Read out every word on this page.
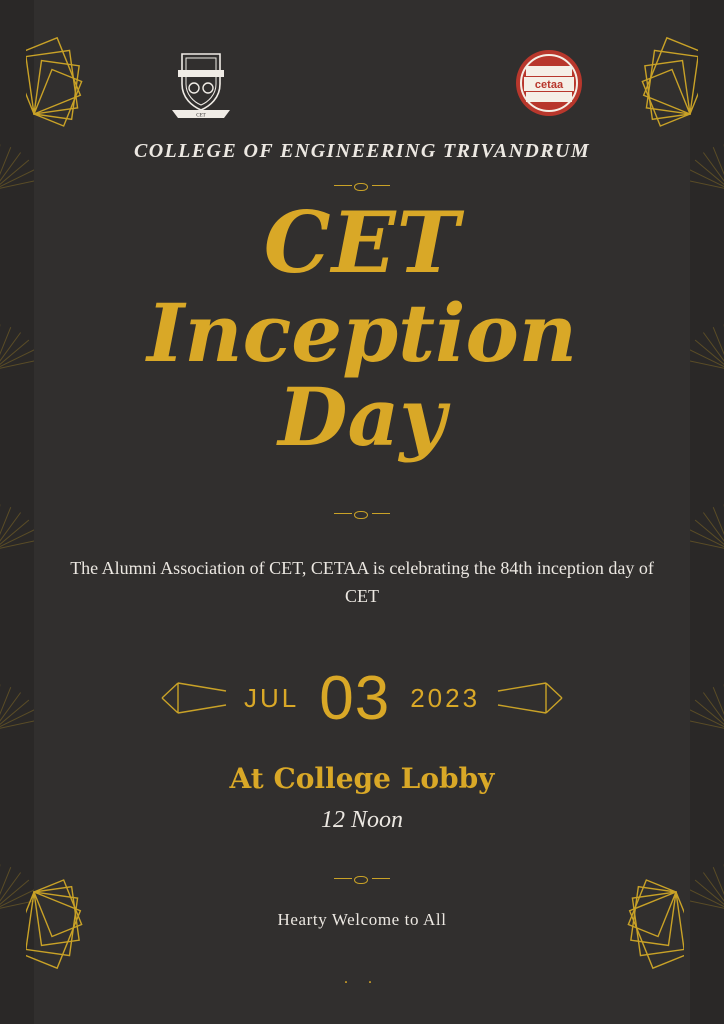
CET
cetaa
COLLEGE OF ENGINEERING TRIVANDRUM
CET
Inception Day
The Alumni Association of CET, CETAA is celebrating the 84th inception day of CET
JUL 03 2023
At College Lobby
12 Noon
Hearty Welcome to All
. .
